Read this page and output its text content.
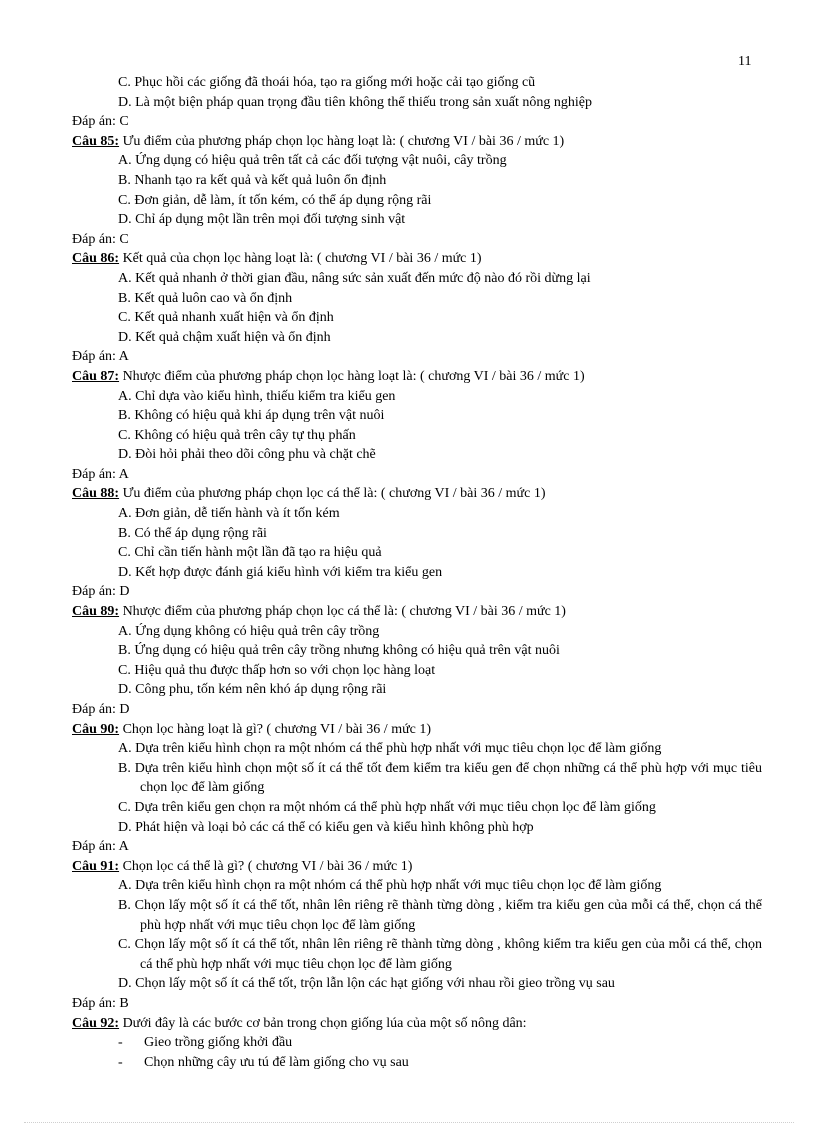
11
C. Phục hồi các giống đã thoái hóa, tạo ra giống mới hoặc cải tạo giống cũ
D. Là một biện pháp quan trọng đầu tiên không thể thiếu trong sản xuất nông nghiệp
Đáp án: C
Câu 85: Ưu điểm của phương pháp chọn lọc hàng loạt là: ( chương VI / bài 36 / mức 1)
A. Ứng dụng có hiệu quả trên tất cả các đối tượng vật nuôi, cây trồng
B. Nhanh tạo ra kết quả và kết quả luôn ổn định
C. Đơn giản, dễ làm, ít tốn kém, có thể áp dụng rộng rãi
D. Chỉ áp dụng một lần trên mọi đối tượng sinh vật
Đáp án: C
Câu 86: Kết quả của chọn lọc hàng loạt là: ( chương VI / bài 36 / mức 1)
A. Kết quả nhanh ở thời gian đầu, nâng sức sản xuất đến mức độ nào đó rồi dừng lại
B. Kết quả luôn cao và ổn định
C. Kết quả nhanh xuất hiện và ổn định
D. Kết quả chậm xuất hiện và ổn định
Đáp án: A
Câu 87: Nhược điểm của phương pháp chọn lọc hàng loạt là: ( chương VI / bài 36 / mức 1)
A. Chỉ dựa vào kiểu hình, thiếu kiểm tra kiểu gen
B. Không có hiệu quả khi áp dụng trên vật nuôi
C. Không có hiệu quả trên cây tự thụ phấn
D. Đòi hỏi phải theo dõi công phu và chặt chẽ
Đáp án: A
Câu 88: Ưu điểm của phương pháp chọn lọc cá thể là: ( chương VI / bài 36 / mức 1)
A. Đơn giản, dễ tiến hành và ít tốn kém
B. Có thể áp dụng rộng rãi
C. Chỉ cần tiến hành một lần đã tạo ra hiệu quả
D. Kết hợp được đánh giá kiểu hình với kiểm tra kiểu gen
Đáp án: D
Câu 89: Nhược điểm của phương pháp chọn lọc cá thể là: ( chương VI / bài 36 / mức 1)
A. Ứng dụng không có hiệu quả trên cây trồng
B. Ứng dụng có hiệu quả trên cây trồng nhưng không có hiệu quả trên vật nuôi
C. Hiệu quả thu được thấp hơn so với chọn lọc hàng loạt
D. Công phu, tốn kém nên khó áp dụng rộng rãi
Đáp án: D
Câu 90: Chọn lọc hàng loạt là gì? ( chương VI / bài 36 / mức 1)
A. Dựa trên kiểu hình chọn ra một nhóm cá thể phù hợp nhất với mục tiêu chọn lọc để làm giống
B. Dựa trên kiểu hình chọn một số ít cá thể tốt đem kiểm tra kiểu gen để chọn những cá thể phù hợp với mục tiêu chọn lọc để làm giống
C. Dựa trên kiểu gen chọn ra một nhóm cá thể phù hợp nhất với mục tiêu chọn lọc để làm giống
D. Phát hiện và loại bỏ các cá thể có kiểu gen và kiểu hình không phù hợp
Đáp án: A
Câu 91: Chọn lọc cá thể là gì? ( chương VI / bài 36 / mức 1)
A. Dựa trên kiểu hình chọn ra một nhóm cá thể phù hợp nhất với mục tiêu chọn lọc để làm giống
B. Chọn lấy một số ít cá thể tốt, nhân lên riêng rẽ thành từng dòng , kiểm tra kiểu gen của mỗi cá thể, chọn cá thể phù hợp nhất với mục tiêu chọn lọc để làm giống
C. Chọn lấy một số ít cá thể tốt, nhân lên riêng rẽ thành từng dòng , không kiểm tra kiểu gen của mỗi cá thể, chọn cá thể phù hợp nhất với mục tiêu chọn lọc để làm giống
D. Chọn lấy một số ít cá thể tốt, trộn lẫn lộn các hạt giống với nhau rồi gieo trồng vụ sau
Đáp án: B
Câu 92: Dưới đây là các bước cơ bản trong chọn giống lúa của một số nông dân:
- Gieo trồng giống khởi đầu
- Chọn những cây ưu tú để làm giống cho vụ sau
